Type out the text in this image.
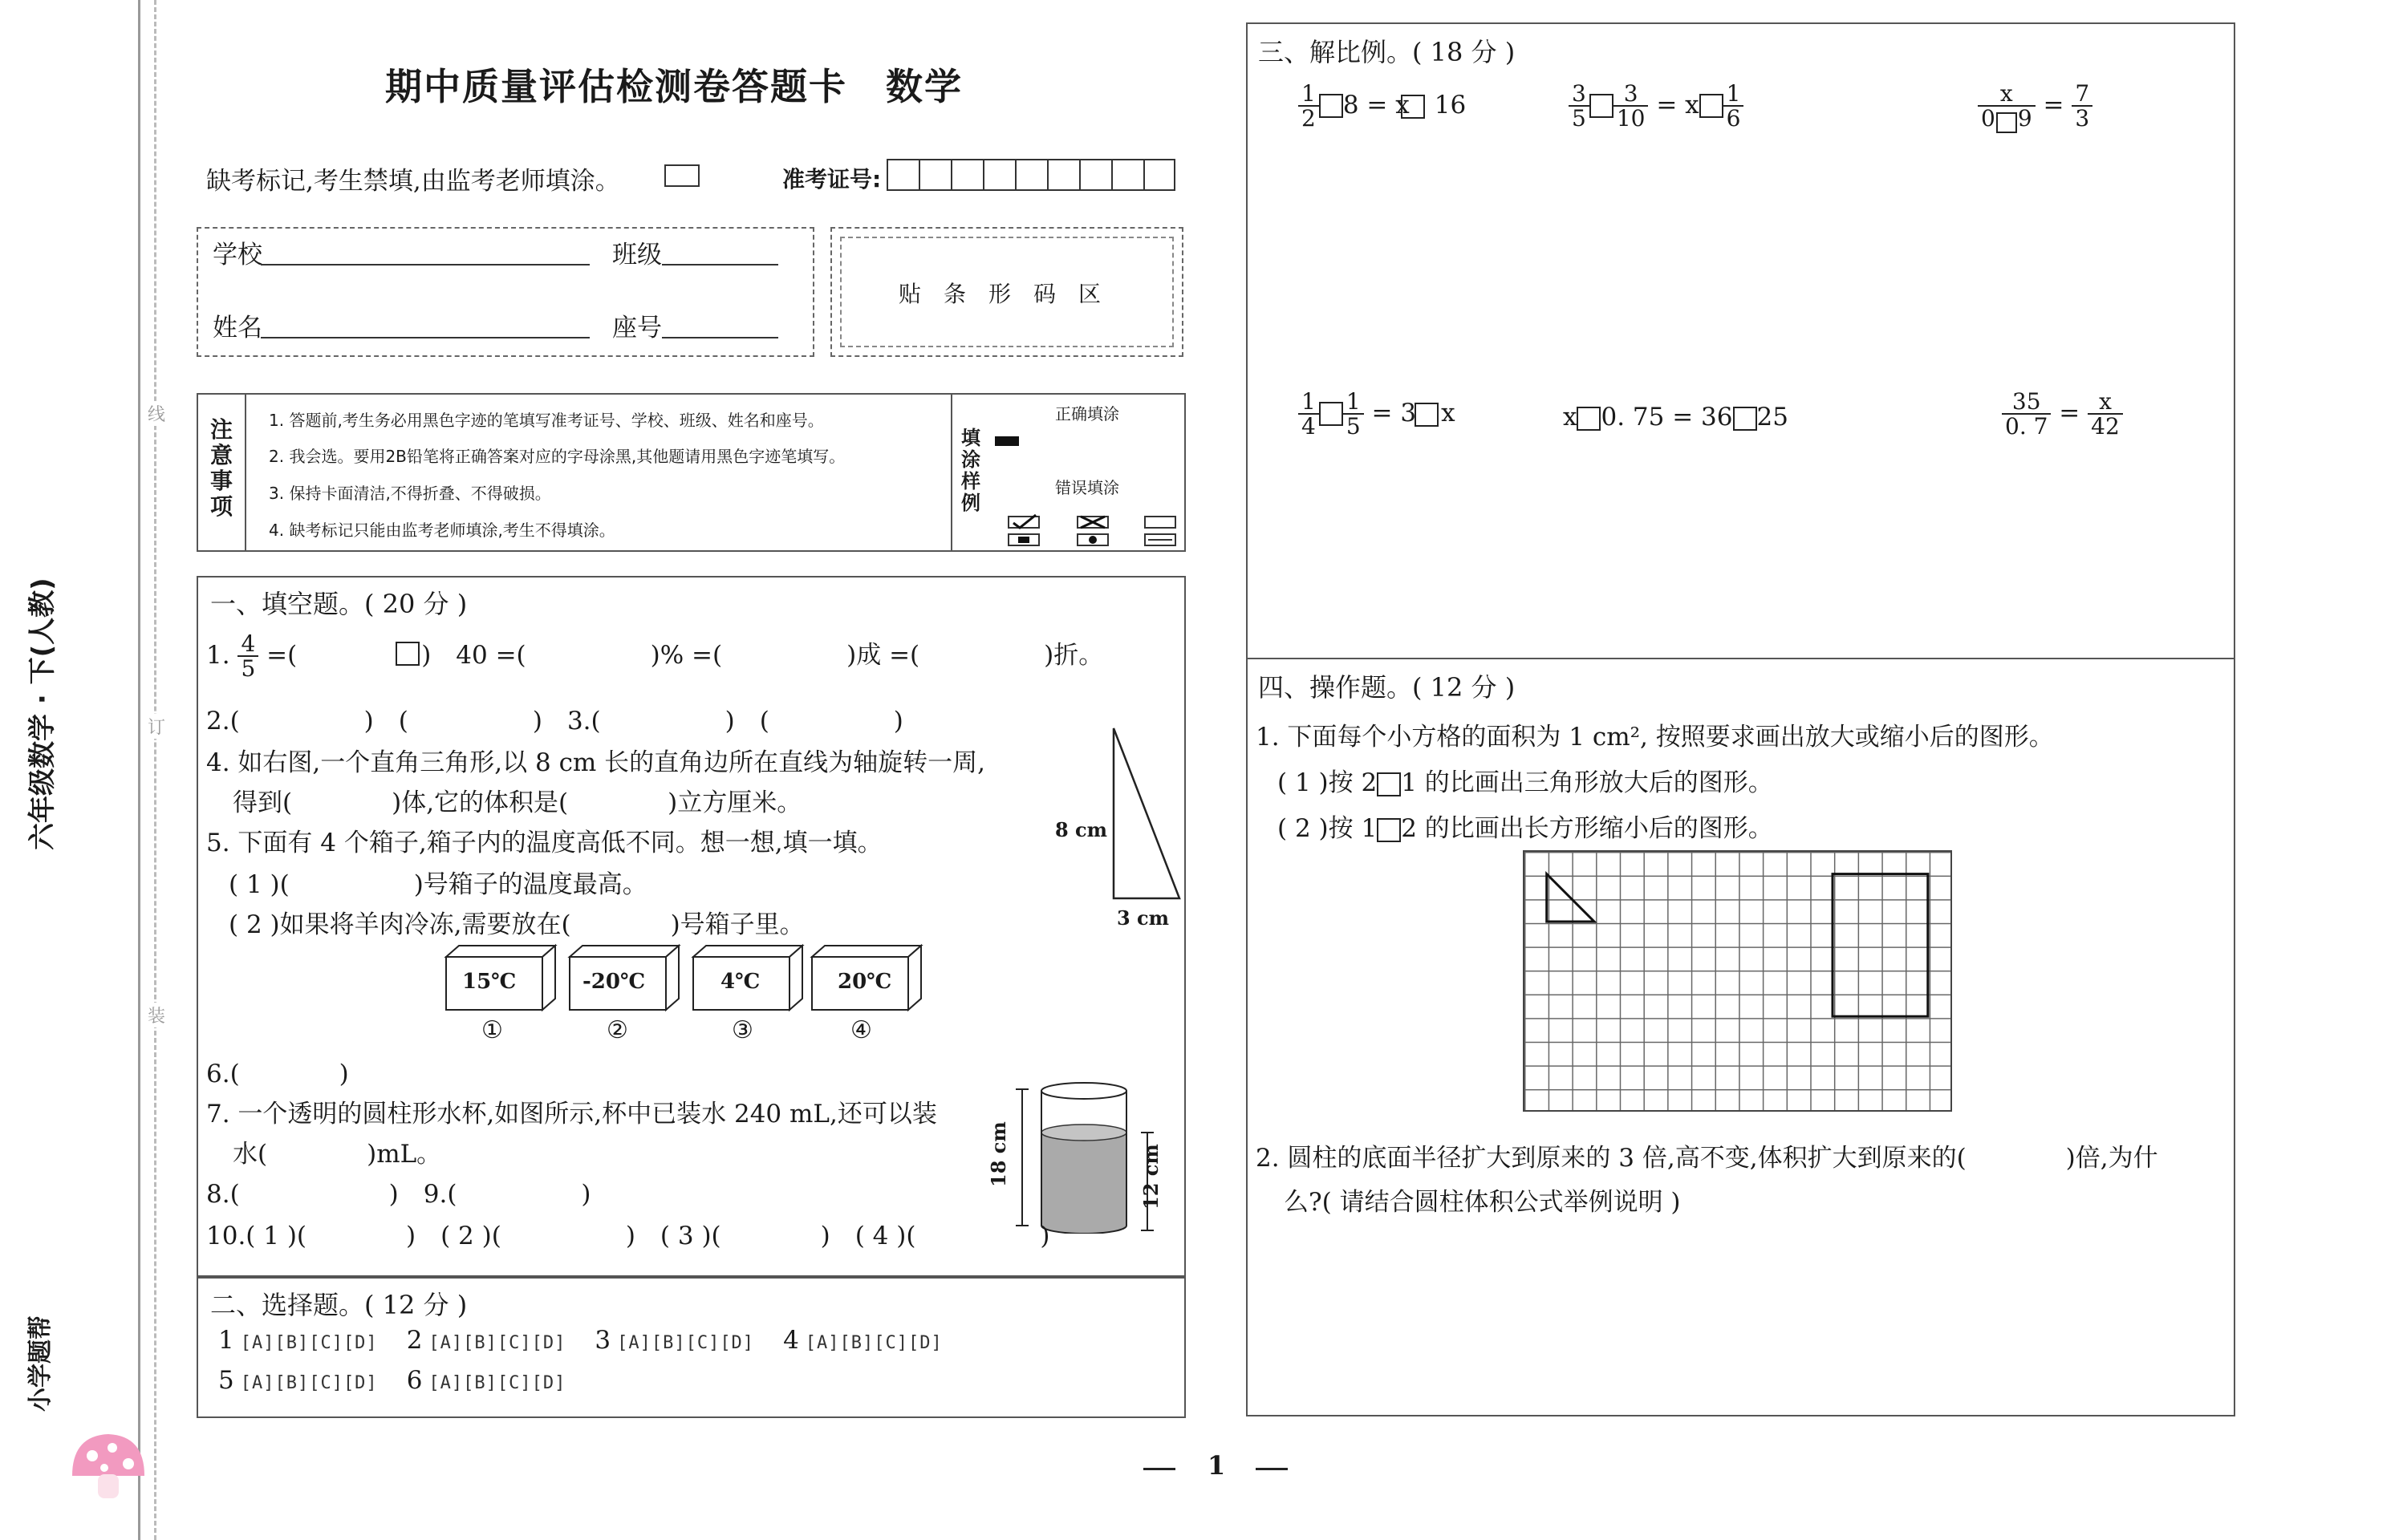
线
订
装
六年级数学 · 下(人教)
小学题帮
期中质量评估检测卷答题卡　数学
缺考标记,考生禁填,由监考老师填涂。	准考证号:
学校	班级
姓名	座号
贴　条　形　码　区
注意事项
1. 答题前,考生务必用黑色字迹的笔填写准考证号、学校、班级、姓名和座号。
2. 我会选。要用2B铅笔将正确答案对应的字母涂黑,其他题请用黑色字迹笔填写。
3. 保持卡面清洁,不得折叠、不得破损。
4. 缺考标记只能由监考老师填涂,考生不得填涂。
填涂样例
正确填涂
错误填涂
一、填空题。( 20 分 )
1. $\frac{4}{5}$ =(　　　　　)　40 =(　　　　　)% =(　　　　　)成 =(　　　　　)折。
2.(　　　　　)　(　　　　　)　3.(　　　　　)　(　　　　　)
4. 如右图,一个直角三角形,以 8 cm 长的直角边所在直线为轴旋转一周,
得到(　　　　)体,它的体积是(　　　　)立方厘米。
5. 下面有 4 个箱子,箱子内的温度高低不同。想一想,填一填。
( 1 )(　　　　　)号箱子的温度最高。
( 2 )如果将羊肉冷冻,需要放在(　　　　)号箱子里。
8 cm
3 cm
15℃
①
-20℃
②
4℃
③
20℃
④
6.(　　　　)
7. 一个透明的圆柱形水杯,如图所示,杯中已装水 240 mL,还可以装
水(　　　　)mL。	18 cm	12 cm
8.(　　　　　　)　9.(　　　　　)
10.( 1 )(　　　　)　( 2 )(　　　　　)　( 3 )(　　　　)　( 4 )(　　　　　)
二、选择题。( 12 分 )
1 [A][B][C][D] 2 [A][B][C][D] 3 [A][B][C][D] 4 [A][B][C][D]
5 [A][B][C][D] 6 [A][B][C][D]
三、解比例。( 18 分 )
$\frac{1}{2} 8 = x$　16	$\frac{3}{5} \frac{3}{10} = x \frac{1}{6}$	$\frac{x}{0 9} = \frac{7}{3}$
$\frac{1}{4} \frac{1}{5} = 3$　x	x 0. 75 = 36 25	$\frac{35}{0. 7} = \frac{x}{42}$
四、操作题。( 12 分 )
1. 下面每个小方格的面积为 1 cm², 按照要求画出放大或缩小后的图形。
( 1 )按 2 1 的比画出三角形放大后的图形。
( 2 )按 1 2 的比画出长方形缩小后的图形。
2. 圆柱的底面半径扩大到原来的 3 倍,高不变,体积扩大到原来的(　　　　)倍,为什
么?( 请结合圆柱体积公式举例说明 )
1
